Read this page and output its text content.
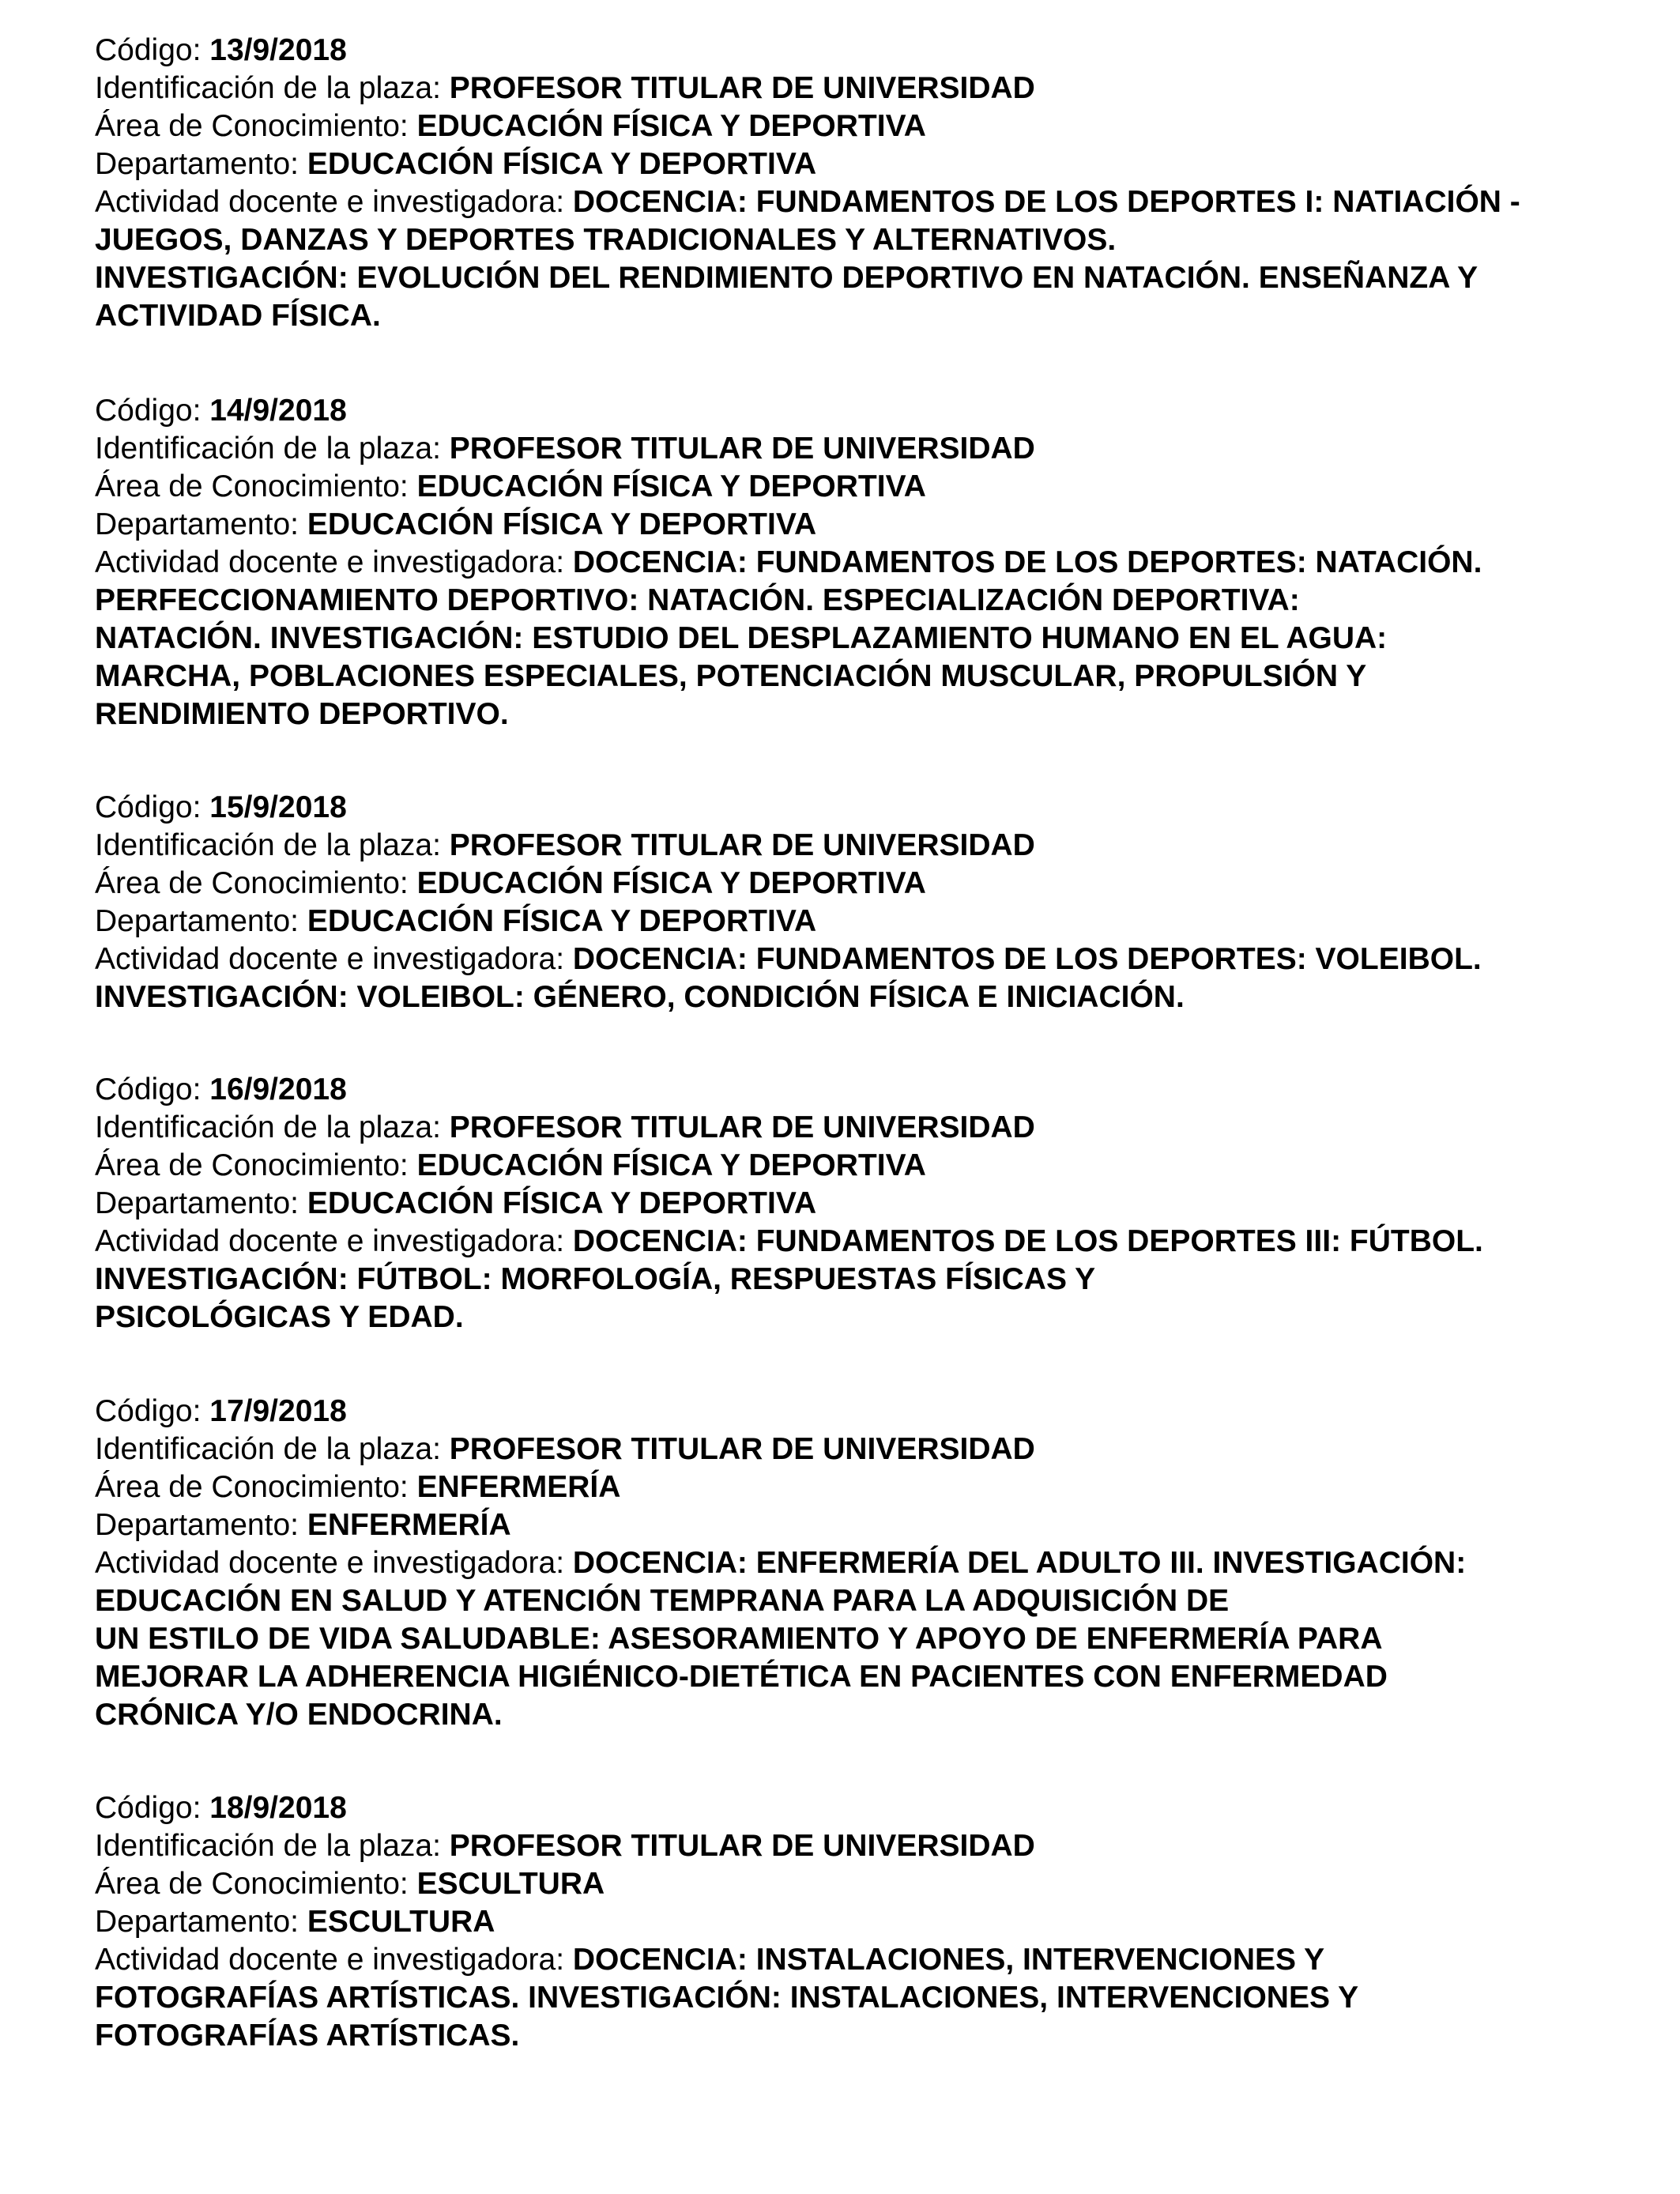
Código: 13/9/2018
Identificación de la plaza: PROFESOR TITULAR DE UNIVERSIDAD
Área de Conocimiento: EDUCACIÓN FÍSICA Y DEPORTIVA
Departamento: EDUCACIÓN FÍSICA Y DEPORTIVA
Actividad docente e investigadora: DOCENCIA: FUNDAMENTOS DE LOS DEPORTES I: NATIACIÓN -
JUEGOS, DANZAS Y DEPORTES TRADICIONALES Y ALTERNATIVOS.
INVESTIGACIÓN: EVOLUCIÓN DEL RENDIMIENTO DEPORTIVO EN NATACIÓN. ENSEÑANZA Y
ACTIVIDAD FÍSICA.
Código: 14/9/2018
Identificación de la plaza: PROFESOR TITULAR DE UNIVERSIDAD
Área de Conocimiento: EDUCACIÓN FÍSICA Y DEPORTIVA
Departamento: EDUCACIÓN FÍSICA Y DEPORTIVA
Actividad docente e investigadora: DOCENCIA: FUNDAMENTOS DE LOS DEPORTES: NATACIÓN.
PERFECCIONAMIENTO DEPORTIVO: NATACIÓN. ESPECIALIZACIÓN DEPORTIVA:
NATACIÓN. INVESTIGACIÓN: ESTUDIO DEL DESPLAZAMIENTO HUMANO EN EL AGUA:
MARCHA, POBLACIONES ESPECIALES, POTENCIACIÓN MUSCULAR, PROPULSIÓN Y
RENDIMIENTO DEPORTIVO.
Código: 15/9/2018
Identificación de la plaza: PROFESOR TITULAR DE UNIVERSIDAD
Área de Conocimiento: EDUCACIÓN FÍSICA Y DEPORTIVA
Departamento: EDUCACIÓN FÍSICA Y DEPORTIVA
Actividad docente e investigadora: DOCENCIA: FUNDAMENTOS DE LOS DEPORTES: VOLEIBOL.
INVESTIGACIÓN: VOLEIBOL: GÉNERO, CONDICIÓN FÍSICA E INICIACIÓN.
Código: 16/9/2018
Identificación de la plaza: PROFESOR TITULAR DE UNIVERSIDAD
Área de Conocimiento: EDUCACIÓN FÍSICA Y DEPORTIVA
Departamento: EDUCACIÓN FÍSICA Y DEPORTIVA
Actividad docente e investigadora: DOCENCIA: FUNDAMENTOS DE LOS DEPORTES III: FÚTBOL.
INVESTIGACIÓN: FÚTBOL: MORFOLOGÍA, RESPUESTAS FÍSICAS Y
PSICOLÓGICAS Y EDAD.
Código: 17/9/2018
Identificación de la plaza: PROFESOR TITULAR DE UNIVERSIDAD
Área de Conocimiento: ENFERMERÍA
Departamento: ENFERMERÍA
Actividad docente e investigadora: DOCENCIA: ENFERMERÍA DEL ADULTO III. INVESTIGACIÓN:
EDUCACIÓN EN SALUD Y ATENCIÓN TEMPRANA PARA LA ADQUISICIÓN DE
UN ESTILO DE VIDA SALUDABLE: ASESORAMIENTO Y APOYO DE ENFERMERÍA PARA
MEJORAR LA ADHERENCIA HIGIÉNICO-DIETÉTICA EN PACIENTES CON ENFERMEDAD
CRÓNICA Y/O ENDOCRINA.
Código: 18/9/2018
Identificación de la plaza: PROFESOR TITULAR DE UNIVERSIDAD
Área de Conocimiento: ESCULTURA
Departamento: ESCULTURA
Actividad docente e investigadora: DOCENCIA: INSTALACIONES, INTERVENCIONES Y
FOTOGRAFÍAS ARTÍSTICAS. INVESTIGACIÓN: INSTALACIONES, INTERVENCIONES Y
FOTOGRAFÍAS ARTÍSTICAS.
